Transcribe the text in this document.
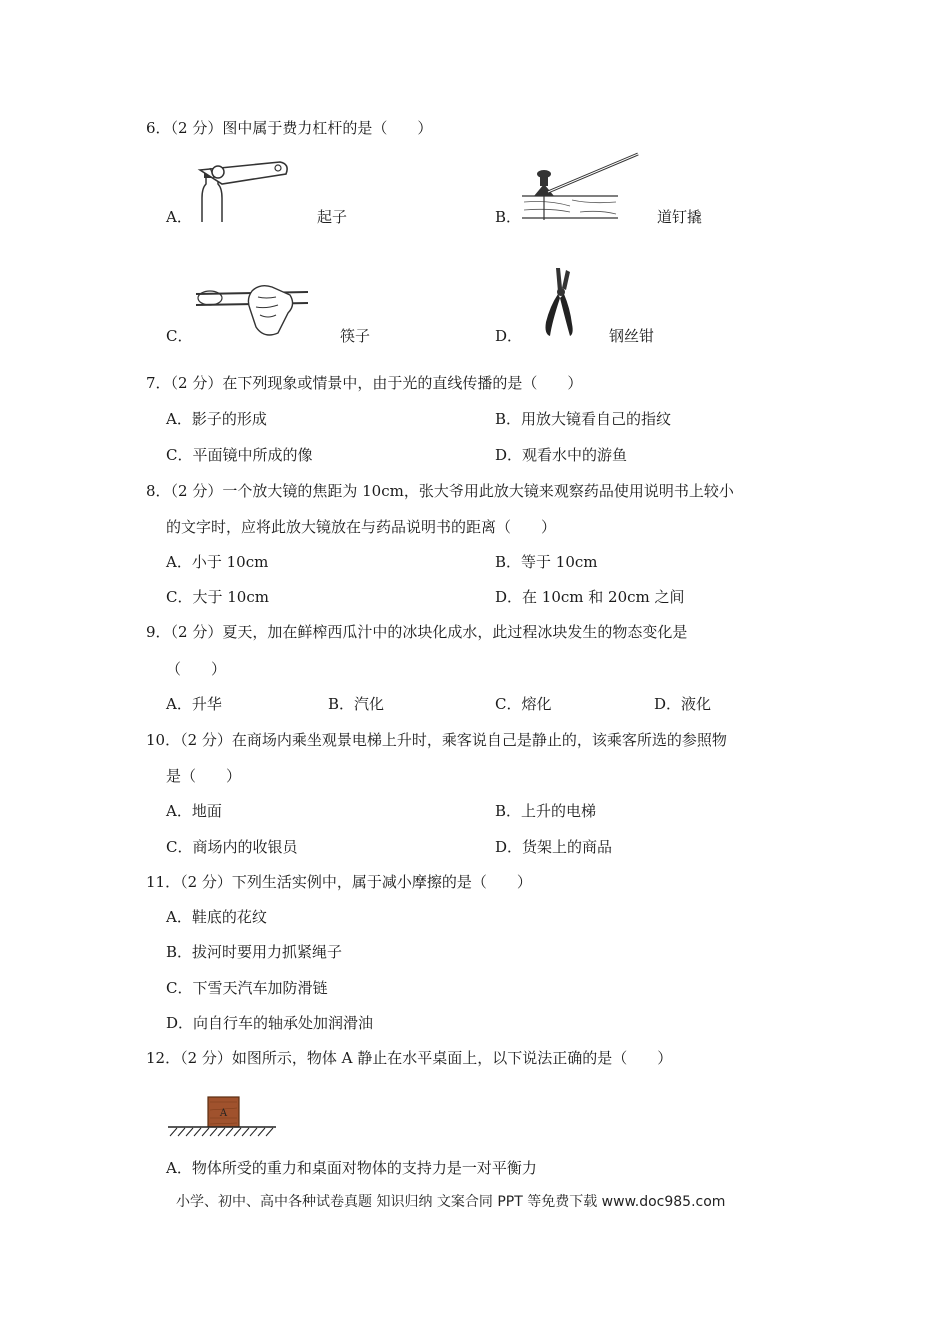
6．（2 分）图中属于费力杠杆的是（　　）
A．	起子	B．	道钉撬
C．	筷子	D．	钢丝钳
7．（2 分）在下列现象或情景中，由于光的直线传播的是（　　）
A．影子的形成	B．用放大镜看自己的指纹
C．平面镜中所成的像	D．观看水中的游鱼
8．（2 分）一个放大镜的焦距为 10cm，张大爷用此放大镜来观察药品使用说明书上较小
的文字时，应将此放大镜放在与药品说明书的距离（　　）
A．小于 10cm	B．等于 10cm
C．大于 10cm	D．在 10cm 和 20cm 之间
9．（2 分）夏天，加在鲜榨西瓜汁中的冰块化成水，此过程冰块发生的物态变化是
（　　）
A．升华	B．汽化	C．熔化	D．液化
10．（2 分）在商场内乘坐观景电梯上升时，乘客说自己是静止的，该乘客所选的参照物
是（　　）
A．地面	B．上升的电梯
C．商场内的收银员	D．货架上的商品
11．（2 分）下列生活实例中，属于减小摩擦的是（　　）
A．鞋底的花纹
B．拔河时要用力抓紧绳子
C．下雪天汽车加防滑链
D．向自行车的轴承处加润滑油
12．（2 分）如图所示，物体 A 静止在水平桌面上，以下说法正确的是（　　）
A
A．物体所受的重力和桌面对物体的支持力是一对平衡力
小学、初中、高中各种试卷真题 知识归纳 文案合同 PPT 等免费下载 www.doc985.com
